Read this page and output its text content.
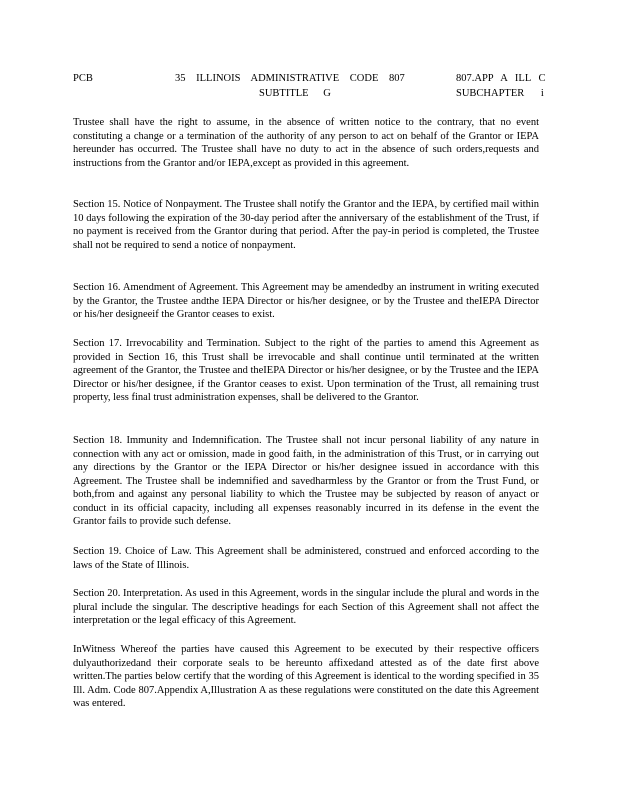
PCB	35 ILLINOIS ADMINISTRATIVE CODE 807
SUBTITLE G
807.APP A ILL C
SUBCHAPTER i

Trustee shall have the right to assume, in the absence of written notice to the contrary, that no event constituting a change or a termination of the authority of any person to act on behalf of the Grantor or IEPA hereunder has occurred. The Trustee shall have no duty to act in the absence of such orders,requests and instructions from the Grantor and/or IEPA,except as provided in this agreement.

Section 15. Notice of Nonpayment. The Trustee shall notify the Grantor and the IEPA, by certified mail within 10 days following the expiration of the 30-day period after the anniversary of the establishment of the Trust, if no payment is received from the Grantor during that period. After the pay-in period is completed, the Trustee shall not be required to send a notice of nonpayment.

Section 16. Amendment of Agreement. This Agreement may be amendedby an instrument in writing executed by the Grantor, the Trustee andthe IEPA Director or his/her designee, or by the Trustee and theIEPA Director or his/her designeeif the Grantor ceases to exist.

Section 17. Irrevocability and Termination. Subject to the right of the parties to amend this Agreement as provided in Section 16, this Trust shall be irrevocable and shall continue until terminated at the written agreement of the Grantor, the Trustee and theIEPA Director or his/her designee, or by the Trustee and the IEPA Director or his/her designee, if the Grantor ceases to exist. Upon termination of the Trust, all remaining trust property, less final trust administration expenses, shall be delivered to the Grantor.

Section 18. Immunity and Indemnification. The Trustee shall not incur personal liability of any nature in connection with any act or omission, made in good faith, in the administration of this Trust, or in carrying out any directions by the Grantor or the IEPA Director or his/her designee issued in accordance with this Agreement. The Trustee shall be indemnified and savedharmless by the Grantor or from the Trust Fund, or both,from and against any personal liability to which the Trustee may be subjected by reason of anyact or conduct in its official capacity, including all expenses reasonably incurred in its defense in the event the Grantor fails to provide such defense.

Section 19. Choice of Law. This Agreement shall be administered, construed and enforced according to the laws of the State of Illinois.

Section 20. Interpretation. As used in this Agreement, words in the singular include the plural and words in the plural include the singular. The descriptive headings for each Section of this Agreement shall not affect the interpretation or the legal efficacy of this Agreement.

InWitness Whereof the parties have caused this Agreement to be executed by their respective officers dulyauthorizedand their corporate seals to be hereunto affixedand attested as of the date first above written.The parties below certify that the wording of this Agreement is identical to the wording specified in 35 Ill. Adm. Code 807.Appendix A,Illustration A as these regulations were constituted on the date this Agreement was entered.
